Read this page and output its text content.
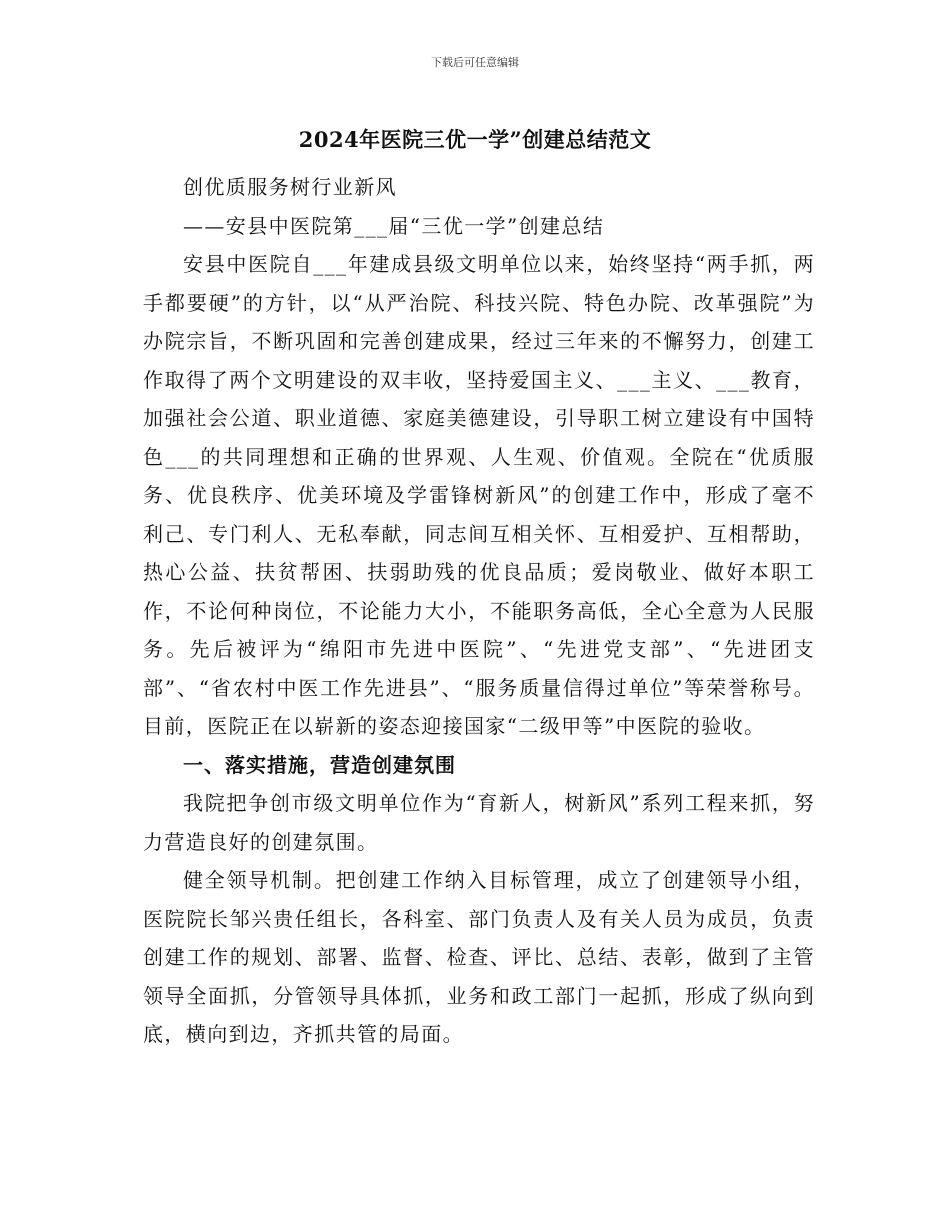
下载后可任意编辑
2024年医院三优一学”创建总结范文

创优质服务树行业新风

——安县中医院第___届“三优一学”创建总结

安县中医院自___年建成县级文明单位以来，始终坚持“两手抓，两手都要硬”的方针，以“从严治院、科技兴院、特色办院、改革强院”为办院宗旨，不断巩固和完善创建成果，经过三年来的不懈努力，创建工作取得了两个文明建设的双丰收，坚持爱国主义、___主义、___教育，加强社会公道、职业道德、家庭美德建设，引导职工树立建设有中国特色___的共同理想和正确的世界观、人生观、价值观。全院在“优质服务、优良秩序、优美环境及学雷锋树新风”的创建工作中，形成了毫不利己、专门利人、无私奉献，同志间互相关怀、互相爱护、互相帮助，热心公益、扶贫帮困、扶弱助残的优良品质；爱岗敬业、做好本职工作，不论何种岗位，不论能力大小，不能职务高低，全心全意为人民服务。先后被评为“绵阳市先进中医院”、“先进党支部”、“先进团支部”、“省农村中医工作先进县”、“服务质量信得过单位”等荣誉称号。目前，医院正在以崭新的姿态迎接国家“二级甲等”中医院的验收。

一、落实措施，营造创建氛围

我院把争创市级文明单位作为“育新人，树新风”系列工程来抓，努力营造良好的创建氛围。

健全领导机制。把创建工作纳入目标管理，成立了创建领导小组，医院院长邹兴贵任组长，各科室、部门负责人及有关人员为成员，负责创建工作的规划、部署、监督、检查、评比、总结、表彰，做到了主管领导全面抓，分管领导具体抓，业务和政工部门一起抓，形成了纵向到底，横向到边，齐抓共管的局面。
